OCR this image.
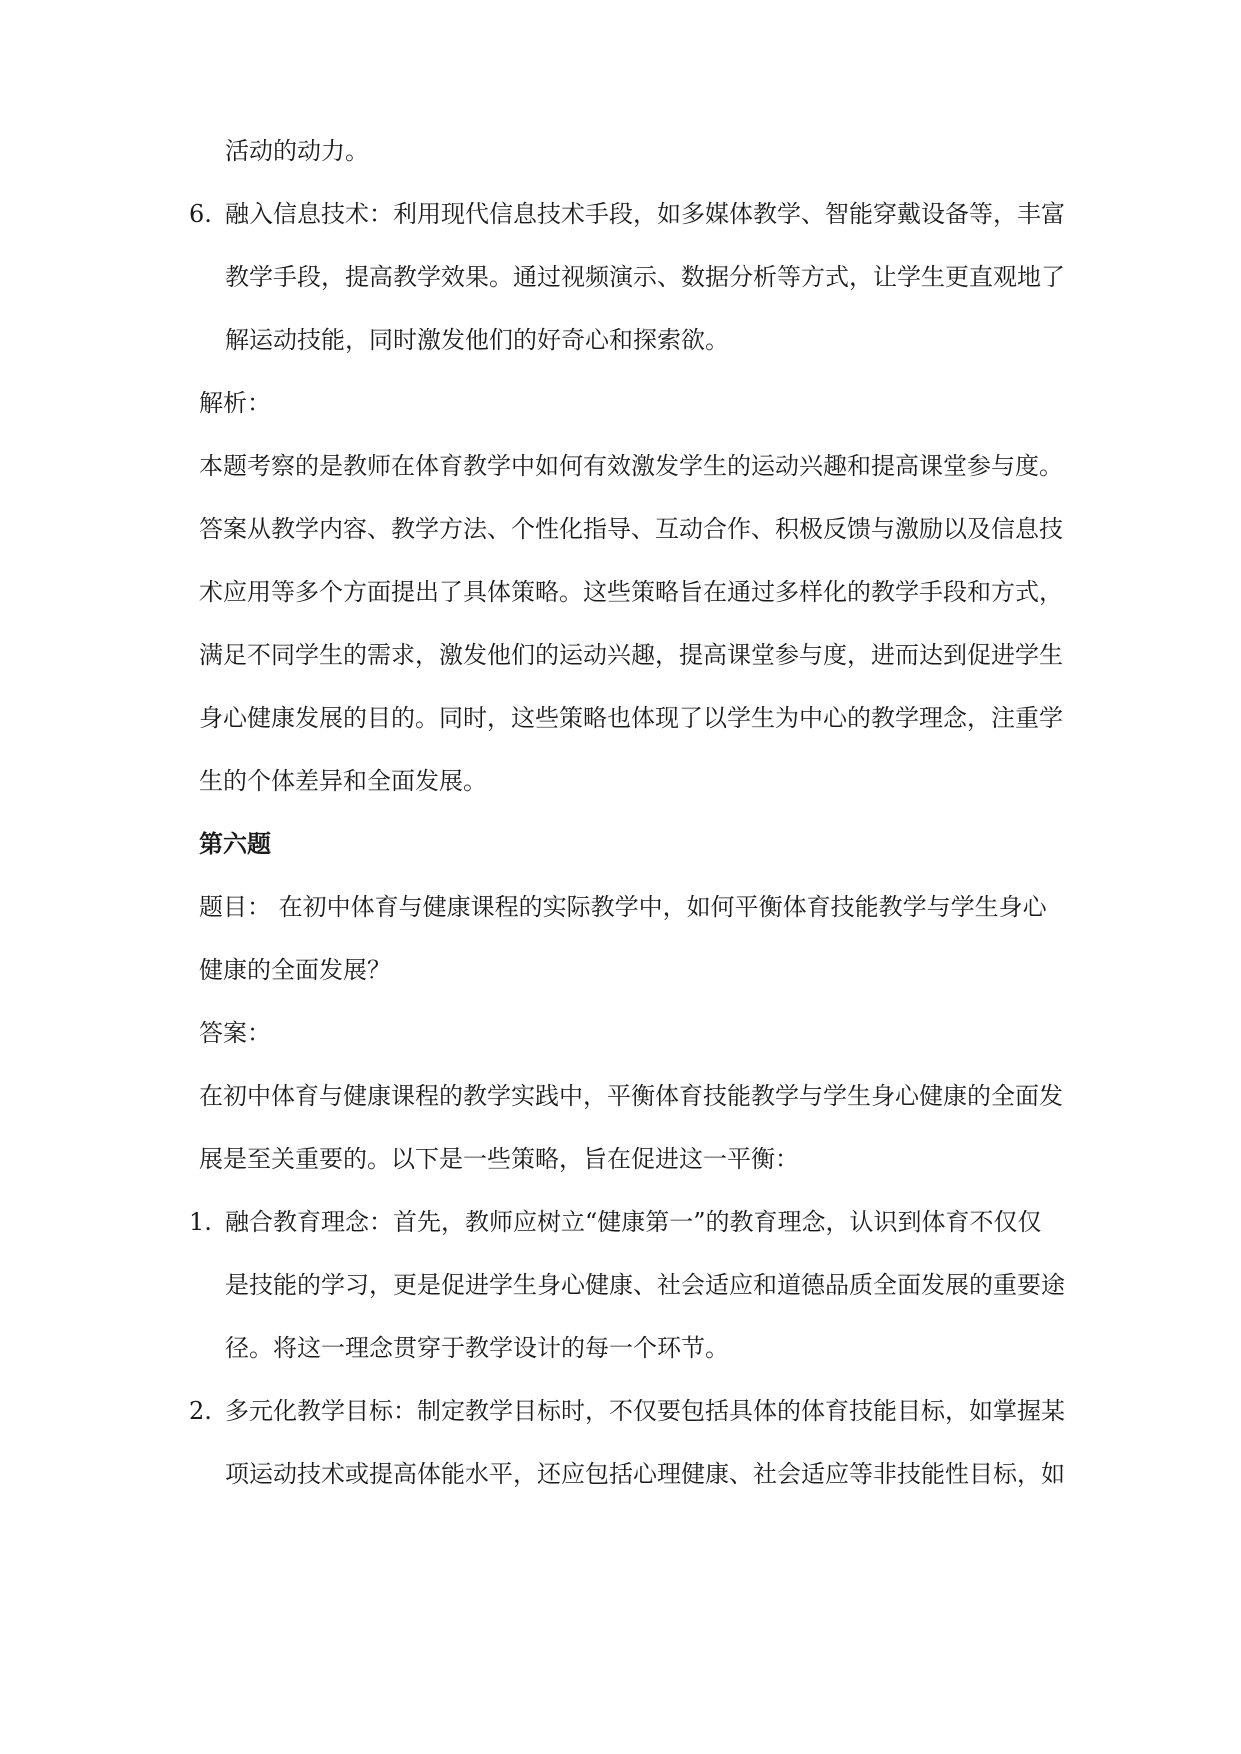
活动的动力。
6. 融入信息技术：利用现代信息技术手段，如多媒体教学、智能穿戴设备等，丰富
教学手段，提高教学效果。通过视频演示、数据分析等方式，让学生更直观地了
解运动技能，同时激发他们的好奇心和探索欲。
解析：
本题考察的是教师在体育教学中如何有效激发学生的运动兴趣和提高课堂参与度。
答案从教学内容、教学方法、个性化指导、互动合作、积极反馈与激励以及信息技
术应用等多个方面提出了具体策略。这些策略旨在通过多样化的教学手段和方式，
满足不同学生的需求，激发他们的运动兴趣，提高课堂参与度，进而达到促进学生
身心健康发展的目的。同时，这些策略也体现了以学生为中心的教学理念，注重学
生的个体差异和全面发展。
第六题
题目： 在初中体育与健康课程的实际教学中，如何平衡体育技能教学与学生身心
健康的全面发展？
答案：
在初中体育与健康课程的教学实践中，平衡体育技能教学与学生身心健康的全面发
展是至关重要的。以下是一些策略，旨在促进这一平衡：
1. 融合教育理念：首先，教师应树立“健康第一”的教育理念，认识到体育不仅仅
是技能的学习，更是促进学生身心健康、社会适应和道德品质全面发展的重要途
径。将这一理念贯穿于教学设计的每一个环节。
2. 多元化教学目标：制定教学目标时，不仅要包括具体的体育技能目标，如掌握某
项运动技术或提高体能水平，还应包括心理健康、社会适应等非技能性目标，如
